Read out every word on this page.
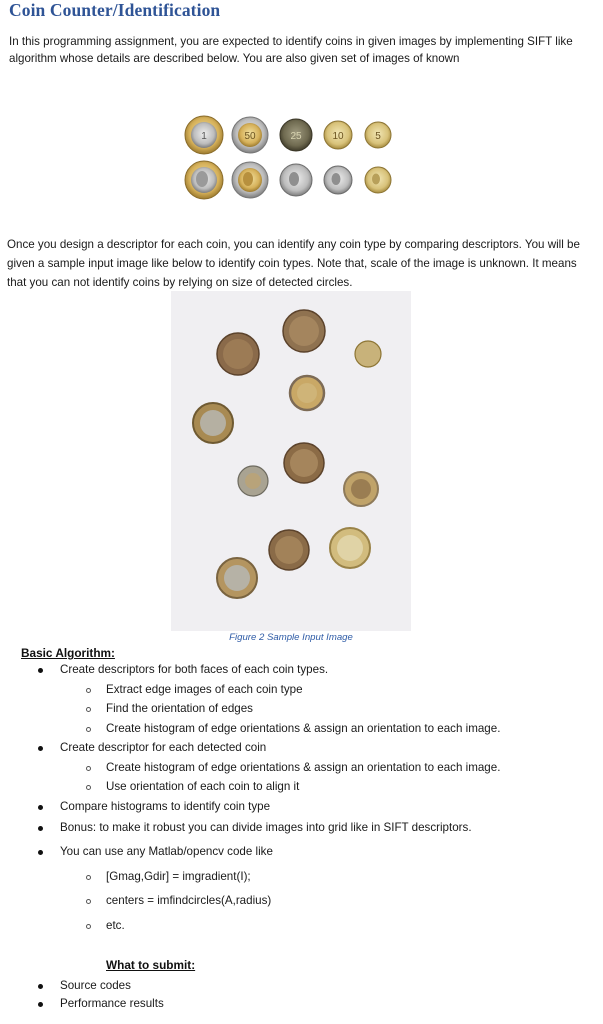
Coin Counter/Identification
In this programming assignment, you are expected to identify coins in given images by implementing SIFT like algorithm whose details are described below. You are also given set of images of known
1	50	25	10	5
Once you design a descriptor for each coin, you can identify any coin type by comparing descriptors. You will be given a sample input image like below to identify coin types. Note that, scale of the image is unknown. It means that you can not identify coins by relying on size of detected circles.
Figure 2 Sample Input Image
Basic Algorithm:
Create descriptors for both faces of each coin types.
Extract edge images of each coin type
Find the orientation of edges
Create histogram of edge orientations & assign an orientation to each image.
Create descriptor for each detected coin
Create histogram of edge orientations & assign an orientation to each image.
Use orientation of each coin to align it
Compare histograms to identify coin type
Bonus: to make it robust you can divide images into grid like in SIFT descriptors.
You can use any Matlab/opencv code like
[Gmag,Gdir] = imgradient(I);
centers = imfindcircles(A,radius)
etc.
What to submit:
Source codes
Performance results
